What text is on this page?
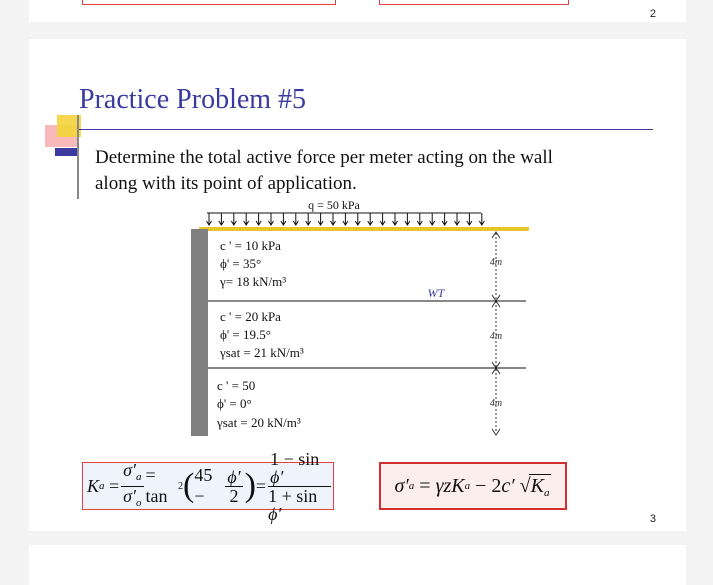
2
Practice Problem #5
Determine the total active force per meter acting on the wall
along with its point of application.
q = 50 kPa
WT
c ' = 10 kPa
ϕ' = 35°
γ= 18 kN/m³
c ' = 20 kPa
ϕ' = 19.5°
γsat = 21 kN/m³
c ' = 50
ϕ' = 0°
γsat = 20 kN/m³
4m
4m
4m
K $a = \frac{\sigma'_a}{\sigma'_o} = \tan 2$ ( $45 - \frac{\phi'}{2}$ ) = $\frac{\text{1 − sin ϕ′}}{\text{1 + sin ϕ′}}$	σ′ a = γzK a − 2 c′ √ $K_a$
3
